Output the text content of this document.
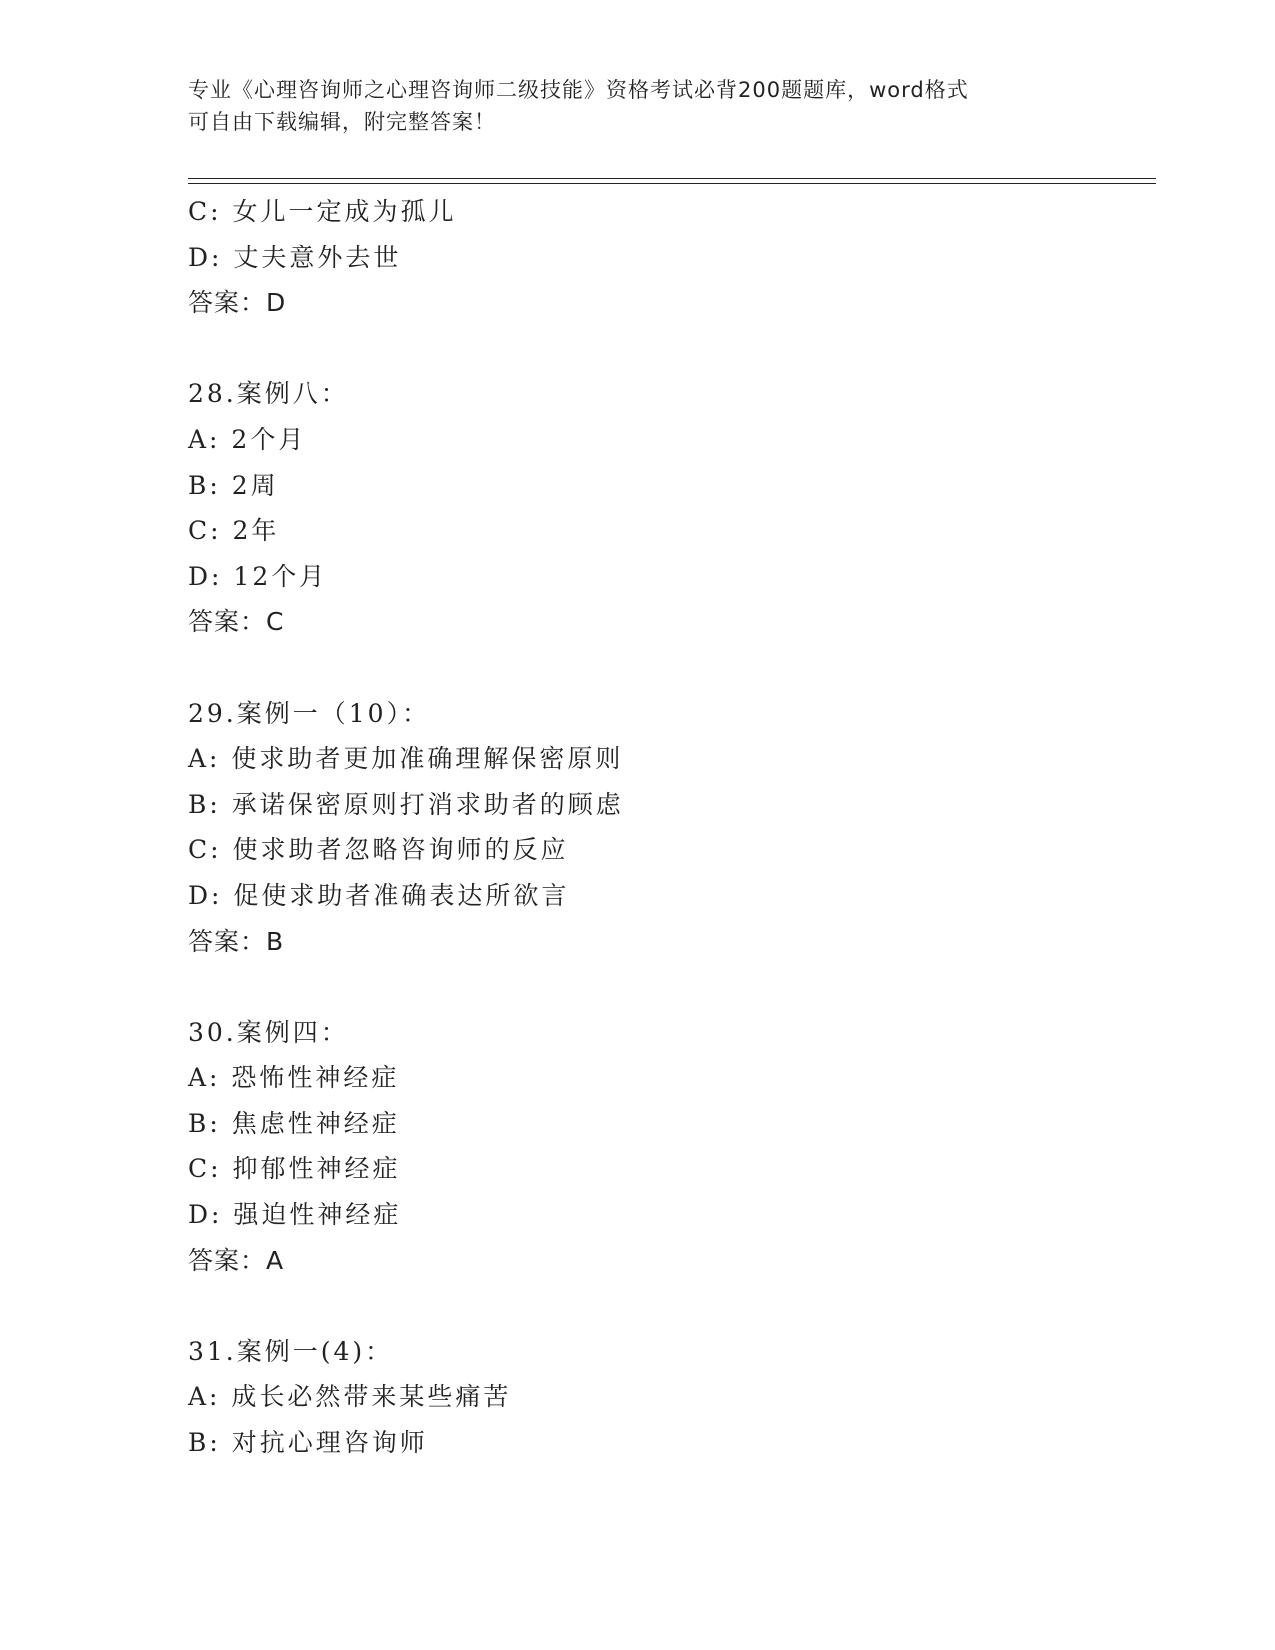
专业《心理咨询师之心理咨询师二级技能》资格考试必背200题题库，word格式
可自由下载编辑，附完整答案！
C: 女儿一定成为孤儿
D: 丈夫意外去世
答案：D
28.案例八：
A: 2个月
B: 2周
C: 2年
D: 12个月
答案：C
29.案例一（10）：
A: 使求助者更加准确理解保密原则
B: 承诺保密原则打消求助者的顾虑
C: 使求助者忽略咨询师的反应
D: 促使求助者准确表达所欲言
答案：B
30.案例四：
A: 恐怖性神经症
B: 焦虑性神经症
C: 抑郁性神经症
D: 强迫性神经症
答案：A
31.案例一(4)：
A: 成长必然带来某些痛苦
B: 对抗心理咨询师
